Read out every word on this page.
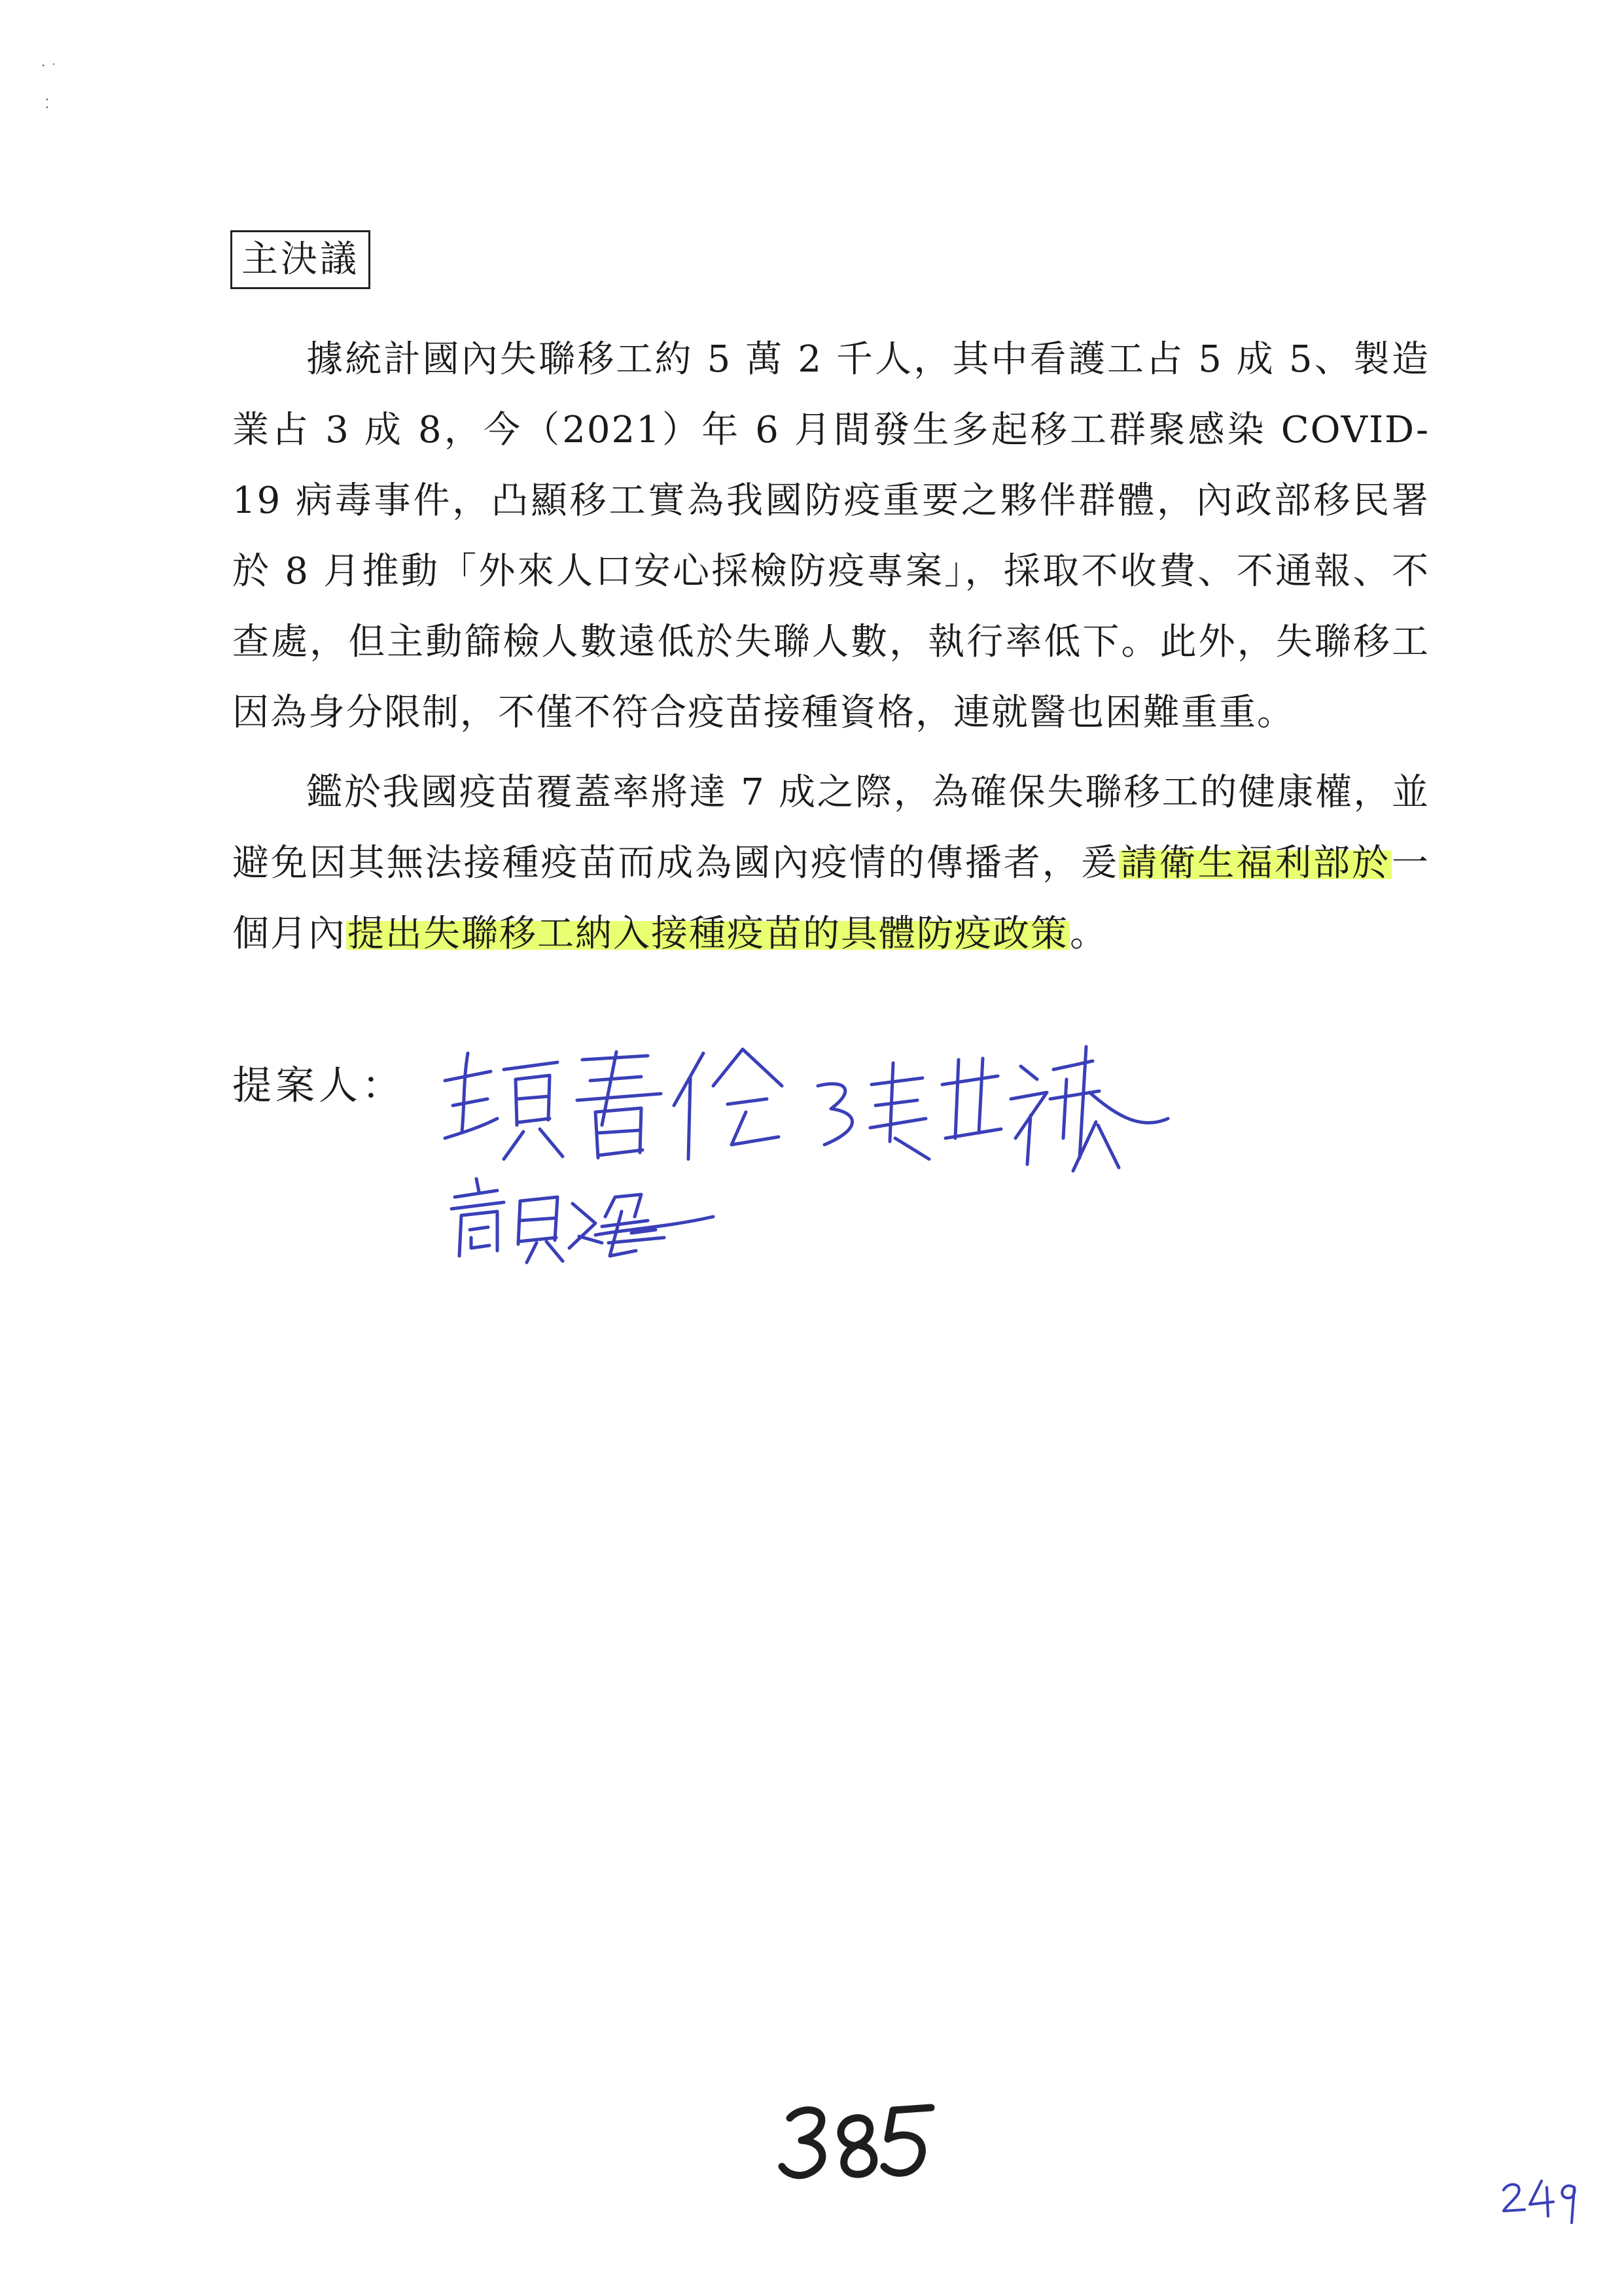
主決議

據統計國內失聯移工約 5 萬 2 千人，其中看護工占 5 成 5、製造業占 3 成 8，今（2021）年 6 月間發生多起移工群聚感染 COVID-19 病毒事件，凸顯移工實為我國防疫重要之夥伴群體，內政部移民署於 8 月推動「外來人口安心採檢防疫專案」，採取不收費、不通報、不查處，但主動篩檢人數遠低於失聯人數，執行率低下。此外，失聯移工因為身分限制，不僅不符合疫苗接種資格，連就醫也困難重重。

鑑於我國疫苗覆蓋率將達 7 成之際，為確保失聯移工的健康權，並避免因其無法接種疫苗而成為國內疫情的傳播者，爰請衛生福利部於一個月內提出失聯移工納入接種疫苗的具體防疫政策。

提案人：
